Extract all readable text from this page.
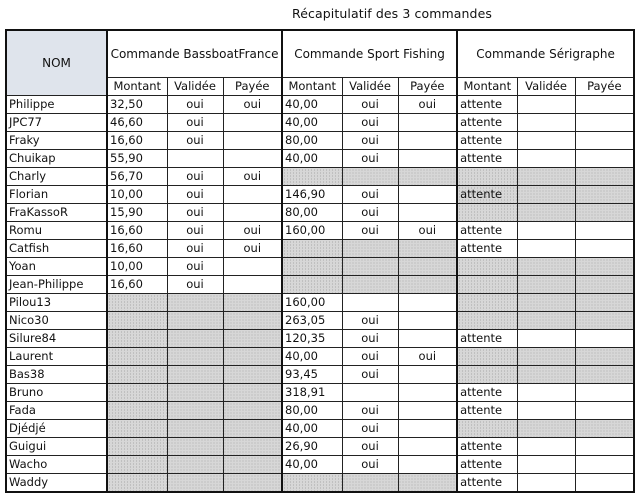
Récapitulatif des 3 commandes
NOM	Commande BassboatFrance			Commande Sport Fishing			Commande Sérigraphe		
	Montant	Validée	Payée	Montant	Validée	Payée	Montant	Validée	Payée
Philippe	32,50	oui	oui	40,00	oui	oui	attente		
JPC77	46,60	oui		40,00	oui		attente		
Fraky	16,60	oui		80,00	oui		attente		
Chuikap	55,90			40,00	oui		attente		
Charly	56,70	oui	oui						
Florian	10,00	oui		146,90	oui		attente		
FraKassoR	15,90	oui		80,00	oui				
Romu	16,60	oui	oui	160,00	oui	oui	attente		
Catfish	16,60	oui	oui				attente		
Yoan	10,00	oui							
Jean-Philippe	16,60	oui							
Pilou13				160,00					
Nico30				263,05	oui				
Silure84				120,35	oui		attente		
Laurent				40,00	oui	oui			
Bas38				93,45	oui				
Bruno				318,91			attente		
Fada				80,00	oui		attente		
Djédjé				40,00	oui				
Guigui				26,90	oui		attente		
Wacho				40,00	oui		attente		
Waddy							attente		
